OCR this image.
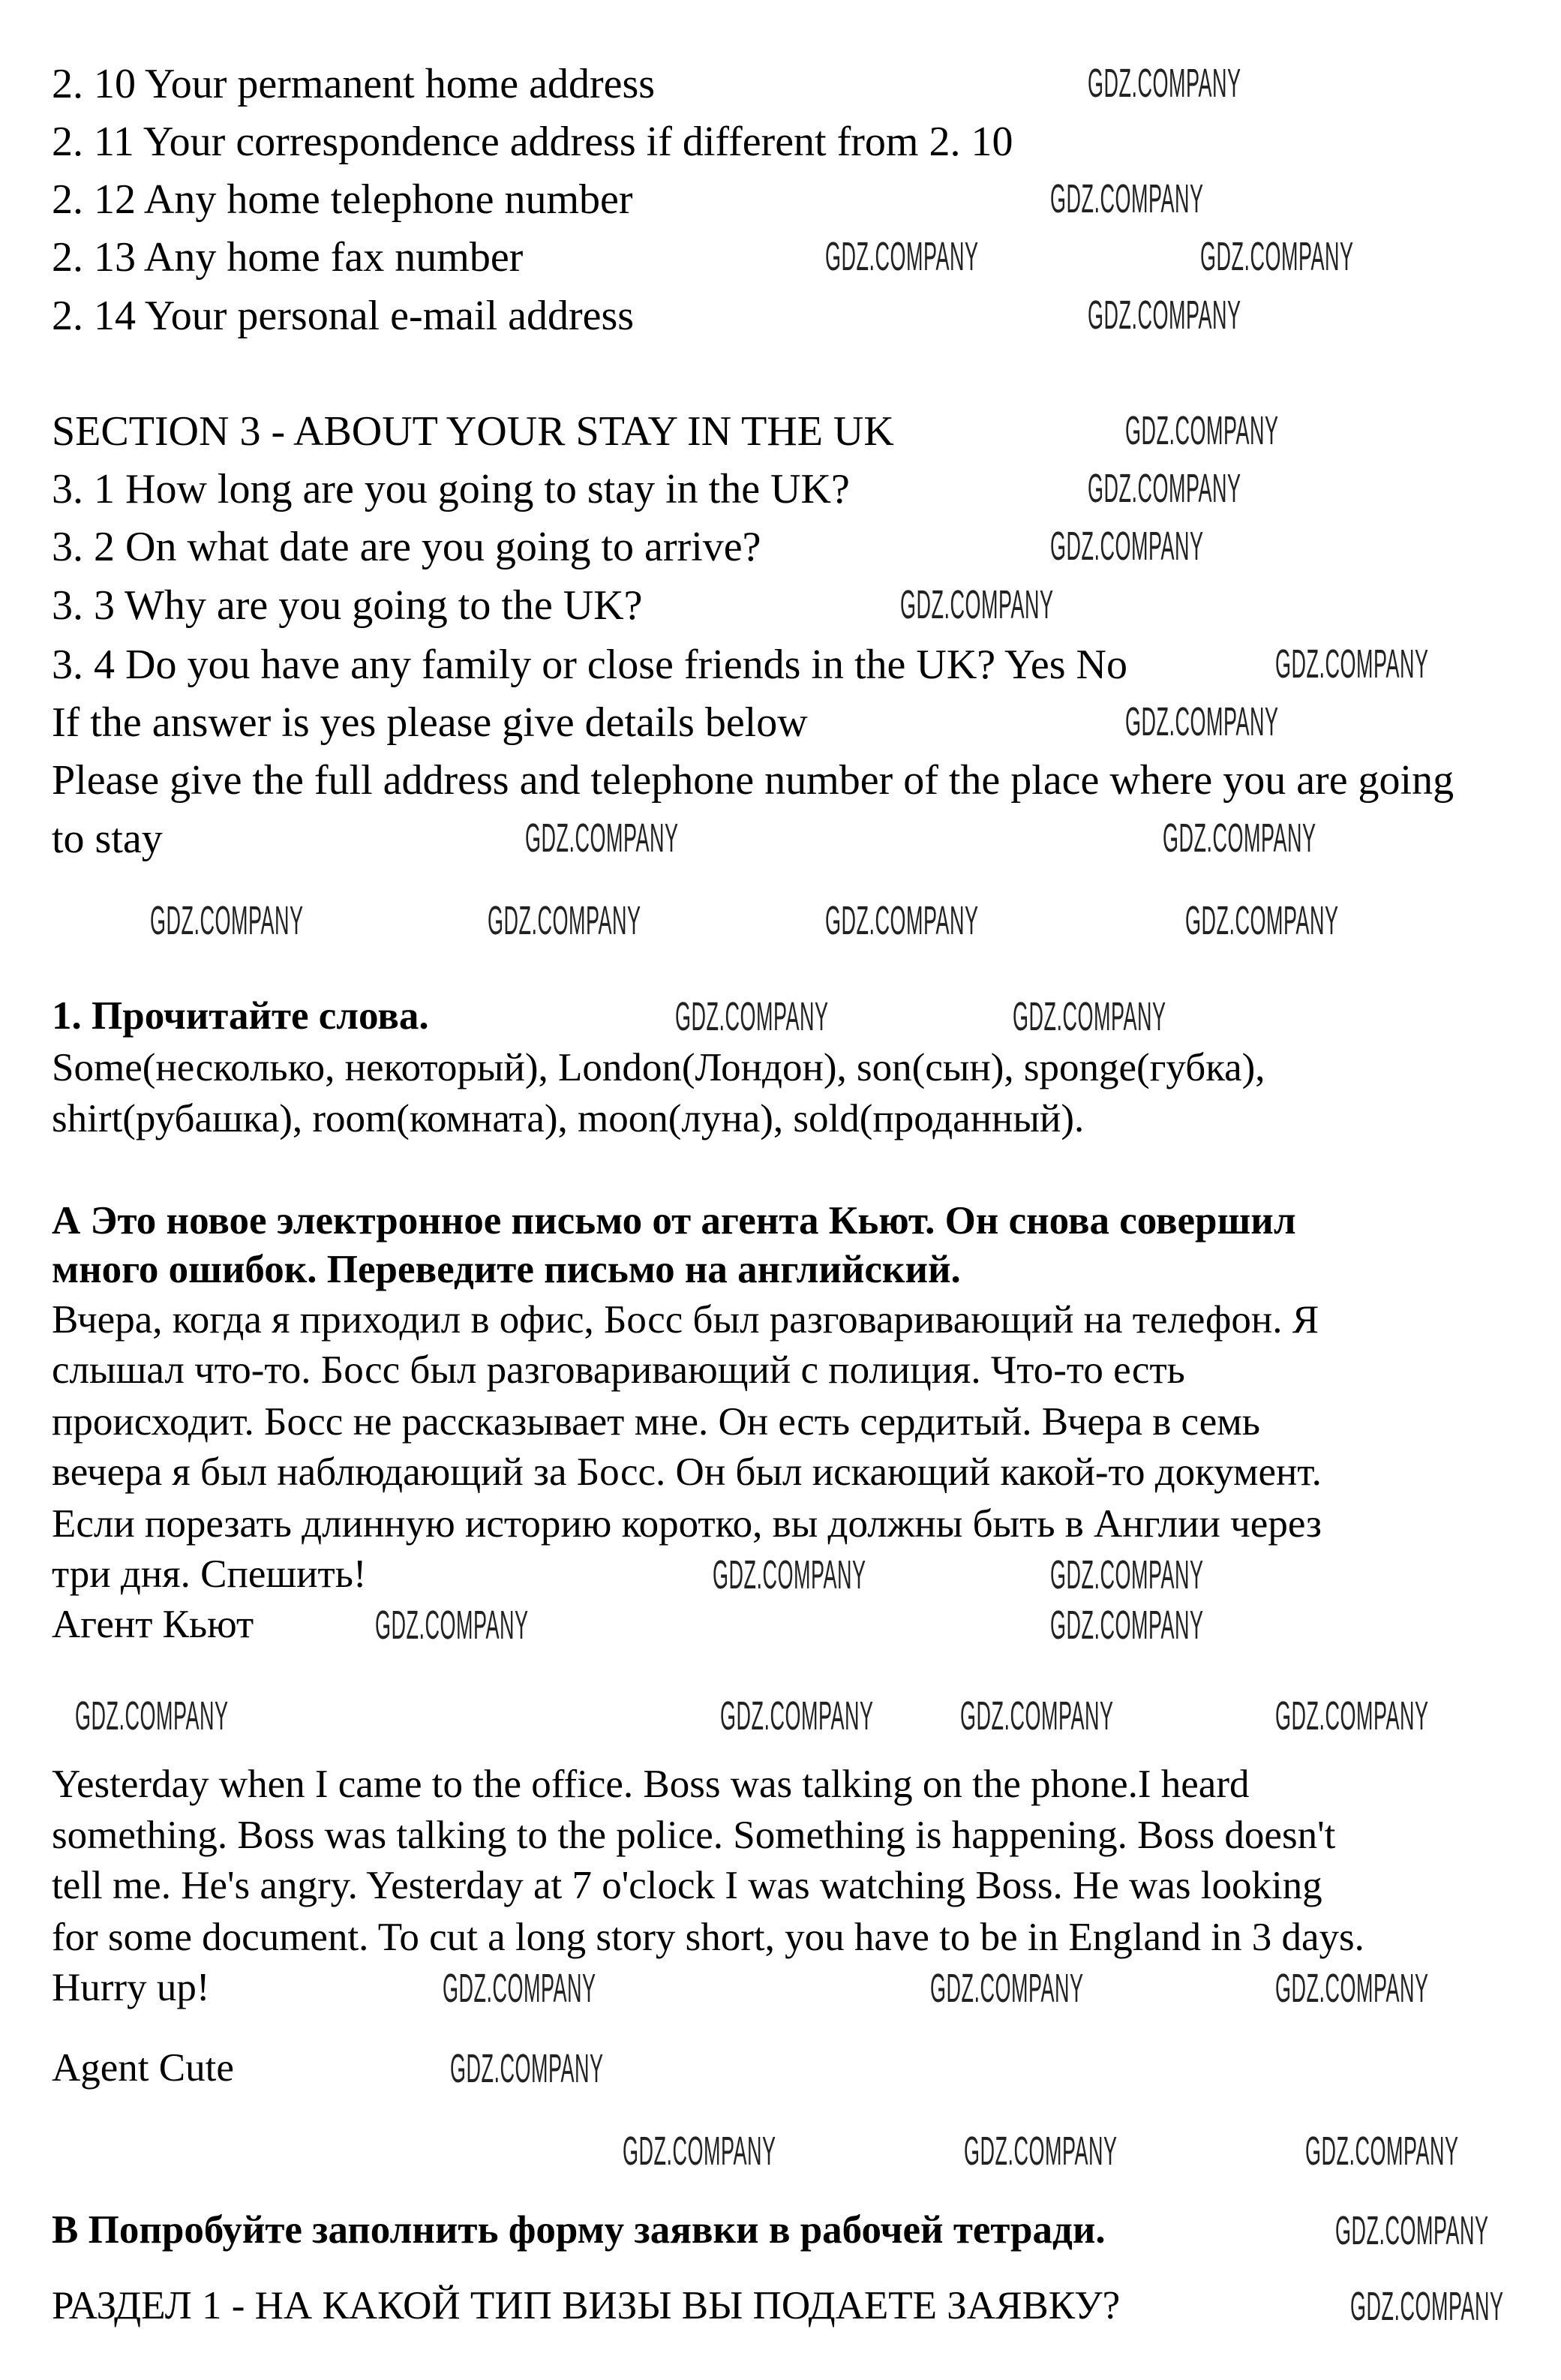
2. 10 Your permanent home address
2. 11 Your correspondence address if different from 2. 10
2. 12 Any home telephone number
2. 13 Any home fax number
2. 14 Your personal e-mail address
SECTION 3 - ABOUT YOUR STAY IN THE UK
3. 1 How long are you going to stay in the UK?
3. 2 On what date are you going to arrive?
3. 3 Why are you going to the UK?
3. 4 Do you have any family or close friends in the UK? Yes No
If the answer is yes please give details below
Please give the full address and telephone number of the place where you are going
to stay
1. Прочитайте слова.
Some(несколько, некоторый), London(Лондон), son(сын), sponge(губка),
shirt(рубашка), room(комната), moon(луна), sold(проданный).
А Это новое электронное письмо от агента Кьют. Он снова совершил
много ошибок. Переведите письмо на английский.
Вчера, когда я приходил в офис, Босс был разговаривающий на телефон. Я
слышал что-то. Босс был разговаривающий с полиция. Что-то есть
происходит. Босс не рассказывает мне. Он есть сердитый. Вчера в семь
вечера я был наблюдающий за Босс. Он был искающий какой-то документ.
Если порезать длинную историю коротко, вы должны быть в Англии через
три дня. Спешить!
Агент Кьют
Yesterday when I came to the office. Boss was talking on the phone.I heard
something. Boss was talking to the police. Something is happening. Boss doesn't
tell me. He's angry. Yesterday at 7 o'clock I was watching Boss. He was looking
for some document. To cut a long story short, you have to be in England in 3 days.
Hurry up!
Agent Cute
В Попробуйте заполнить форму заявки в рабочей тетради.
РАЗДЕЛ 1 - НА КАКОЙ ТИП ВИЗЫ ВЫ ПОДАЕТЕ ЗАЯВКУ?
GDZ.COMPANY
GDZ.COMPANY
GDZ.COMPANY	GDZ.COMPANY
GDZ.COMPANY
GDZ.COMPANY
GDZ.COMPANY
GDZ.COMPANY
GDZ.COMPANY
GDZ.COMPANY
GDZ.COMPANY
GDZ.COMPANY	GDZ.COMPANY
GDZ.COMPANY	GDZ.COMPANY	GDZ.COMPANY	GDZ.COMPANY
GDZ.COMPANY	GDZ.COMPANY
GDZ.COMPANY	GDZ.COMPANY
GDZ.COMPANY	GDZ.COMPANY
GDZ.COMPANY	GDZ.COMPANY GDZ.COMPANY	GDZ.COMPANY
GDZ.COMPANY	GDZ.COMPANY	GDZ.COMPANY
GDZ.COMPANY
GDZ.COMPANY	GDZ.COMPANY	GDZ.COMPANY
GDZ.COMPANY
GDZ.COMPANY
